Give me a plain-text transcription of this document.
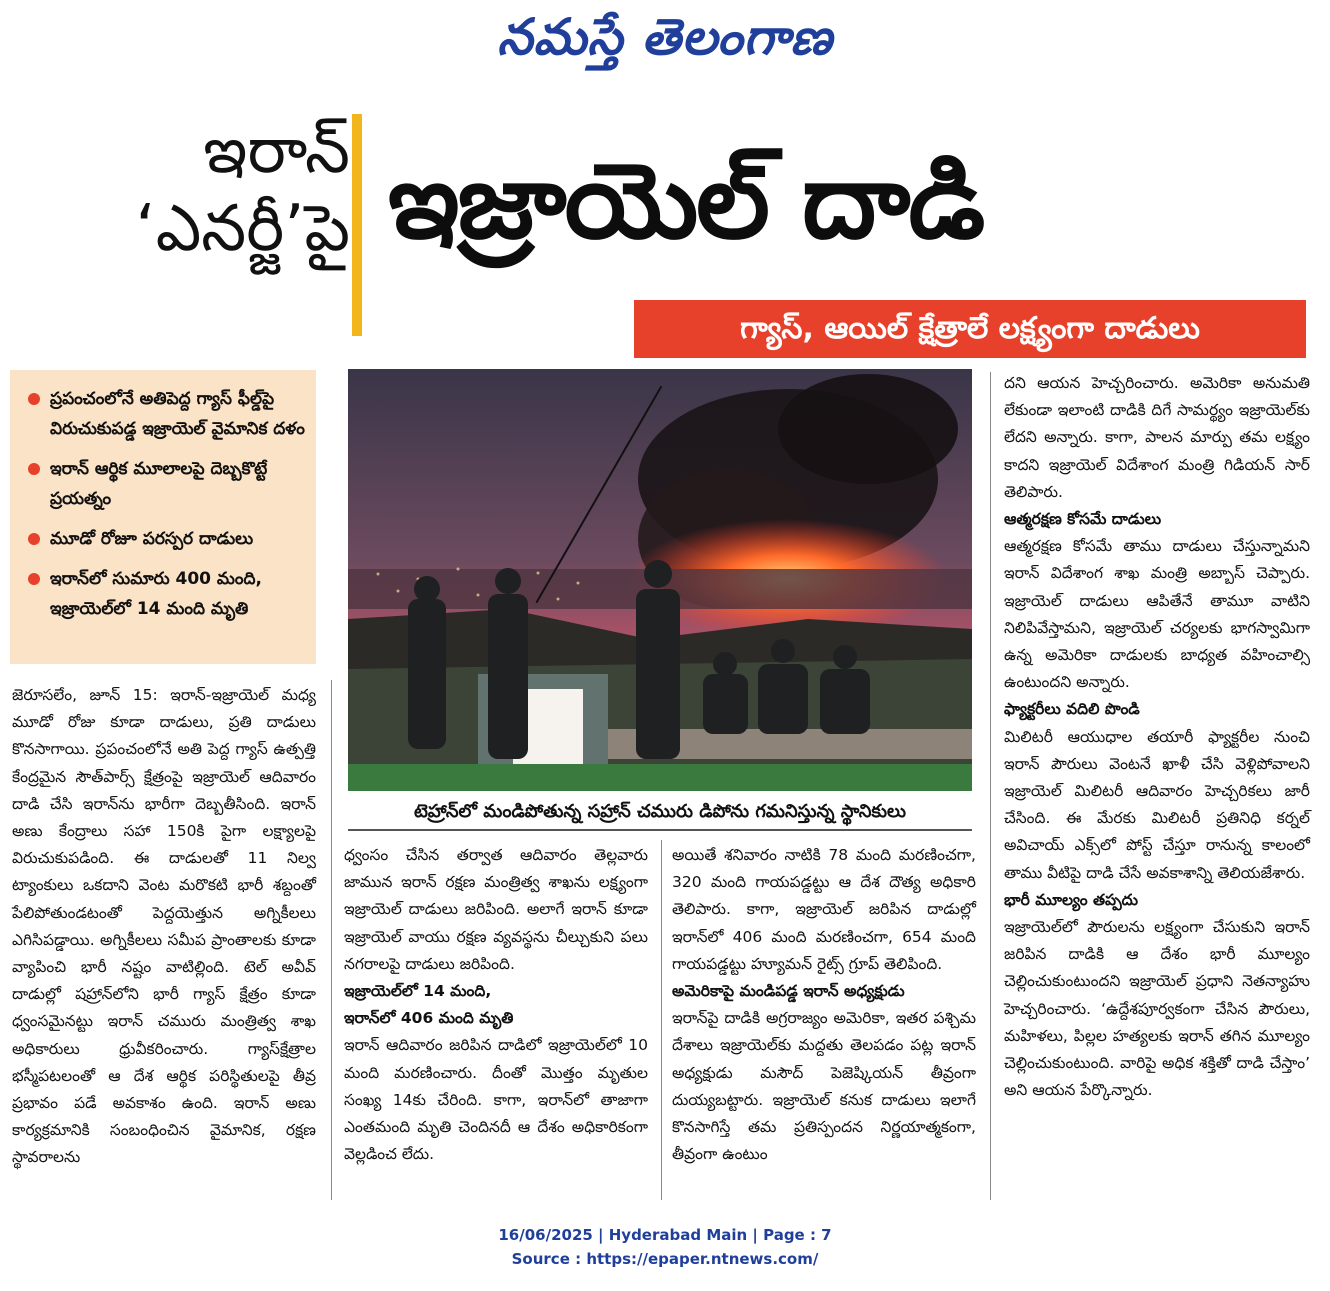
నమస్తే తెలంగాణ
ఇరాన్
‘ఎనర్జీ’పై ఇజ్రాయెల్ దాడి
గ్యాస్, ఆయిల్ క్షేత్రాలే లక్ష్యంగా దాడులు
ప్రపంచంలోనే అతిపెద్ద గ్యాస్ ఫీల్డ్‌పై విరుచుకుపడ్డ ఇజ్రాయెల్ వైమానిక దళం
ఇరాన్ ఆర్థిక మూలాలపై దెబ్బకొట్టే ప్రయత్నం
మూడో రోజూ పరస్పర దాడులు
ఇరాన్‌లో సుమారు 400 మంది, ఇజ్రాయెల్‌లో 14 మంది మృతి
టెహ్రాన్‌లో మండిపోతున్న సహ్రాన్ చమురు డిపోను గమనిస్తున్న స్థానికులు

జెరూసలేం, జూన్ 15: ఇరాన్-ఇజ్రాయెల్ మధ్య మూడో రోజు కూడా దాడులు, ప్రతి దాడులు కొనసాగాయి. ప్రపంచంలోనే అతి పెద్ద గ్యాస్ ఉత్పత్తి కేంద్రమైన సౌత్‌పార్స్ క్షేత్రంపై ఇజ్రాయెల్ ఆదివారం దాడి చేసి ఇరాన్‌ను భారీగా దెబ్బతీసింది. ఇరాన్ అణు కేంద్రాలు సహా 150కి పైగా లక్ష్యాలపై విరుచుకుపడింది. ఈ దాడులతో 11 నిల్వ ట్యాంకులు ఒకదాని వెంట మరొకటి భారీ శబ్దంతో పేలిపోతుండటంతో పెద్దయెత్తున అగ్నికీలలు ఎగిసిపడ్డాయి. అగ్నికీలలు సమీప ప్రాంతాలకు కూడా వ్యాపించి భారీ నష్టం వాటిల్లింది. టెల్ అవీవ్ దాడుల్లో షహ్రాన్‌లోని భారీ గ్యాస్ క్షేత్రం కూడా ధ్వంసమైనట్టు ఇరాన్ చమురు మంత్రిత్వ శాఖ అధికారులు ధ్రువీకరించారు. గ్యాస్‌క్షేత్రాల భస్మీపటలంతో ఆ దేశ ఆర్థిక పరిస్థితులపై తీవ్ర ప్రభావం పడే అవకాశం ఉంది. ఇరాన్ అణు కార్యక్రమానికి సంబంధించిన వైమానిక, రక్షణ స్థావరాలను

ధ్వంసం చేసిన తర్వాత ఆదివారం తెల్లవారు జామున ఇరాన్ రక్షణ మంత్రిత్వ శాఖను లక్ష్యంగా ఇజ్రాయెల్ దాడులు జరిపింది. అలాగే ఇరాన్ కూడా ఇజ్రాయెల్ వాయు రక్షణ వ్యవస్థను చీల్చుకుని పలు నగరాలపై దాడులు జరిపింది.

ఇజ్రాయెల్‌లో 14 మంది,
ఇరాన్‌లో 406 మంది మృతి

ఇరాన్ ఆదివారం జరిపిన దాడిలో ఇజ్రాయెల్‌లో 10 మంది మరణించారు. దీంతో మొత్తం మృతుల సంఖ్య 14కు చేరింది. కాగా, ఇరాన్‌లో తాజాగా ఎంతమంది మృతి చెందినదీ ఆ దేశం అధికారికంగా వెల్లడించ లేదు.

అయితే శనివారం నాటికి 78 మంది మరణించగా, 320 మంది గాయపడ్డట్టు ఆ దేశ దౌత్య అధికారి తెలిపారు. కాగా, ఇజ్రాయెల్ జరిపిన దాడుల్లో ఇరాన్‌లో 406 మంది మరణించగా, 654 మంది గాయపడ్డట్టు హ్యూమన్ రైట్స్ గ్రూప్ తెలిపింది.

అమెరికాపై మండిపడ్డ ఇరాన్ అధ్యక్షుడు

ఇరాన్‌పై దాడికి అగ్రరాజ్యం అమెరికా, ఇతర పశ్చిమ దేశాలు ఇజ్రాయెల్‌కు మద్దతు తెలపడం పట్ల ఇరాన్ అధ్యక్షుడు మసౌద్ పెజెష్కియన్ తీవ్రంగా దుయ్యబట్టారు. ఇజ్రాయెల్ కనుక దాడులు ఇలాగే కొనసాగిస్తే తమ ప్రతిస్పందన నిర్ణయాత్మకంగా, తీవ్రంగా ఉంటుం

దని ఆయన హెచ్చరించారు. అమెరికా అనుమతి లేకుండా ఇలాంటి దాడికి దిగే సామర్థ్యం ఇజ్రాయెల్‌కు లేదని అన్నారు. కాగా, పాలన మార్పు తమ లక్ష్యం కాదని ఇజ్రాయెల్ విదేశాంగ మంత్రి గిడియన్ సార్ తెలిపారు.

ఆత్మరక్షణ కోసమే దాడులు

ఆత్మరక్షణ కోసమే తాము దాడులు చేస్తున్నామని ఇరాన్ విదేశాంగ శాఖ మంత్రి అబ్బాస్ చెప్పారు. ఇజ్రాయెల్ దాడులు ఆపితేనే తామూ వాటిని నిలిపివేస్తామని, ఇజ్రాయెల్ చర్యలకు భాగస్వామిగా ఉన్న అమెరికా దాడులకు బాధ్యత వహించాల్సి ఉంటుందని అన్నారు.

ఫ్యాక్టరీలు వదిలి పొండి

మిలిటరీ ఆయుధాల తయారీ ఫ్యాక్టరీల నుంచి ఇరాన్ పౌరులు వెంటనే ఖాళీ చేసి వెళ్లిపోవాలని ఇజ్రాయెల్ మిలిటరీ ఆదివారం హెచ్చరికలు జారీ చేసింది. ఈ మేరకు మిలిటరీ ప్రతినిధి కర్నల్ అవిచాయ్ ఎక్స్‌లో పోస్ట్ చేస్తూ రానున్న కాలంలో తాము వీటిపై దాడి చేసే అవకాశాన్ని తెలియజేశారు.

భారీ మూల్యం తప్పదు

ఇజ్రాయెల్‌లో పౌరులను లక్ష్యంగా చేసుకుని ఇరాన్ జరిపిన దాడికి ఆ దేశం భారీ మూల్యం చెల్లించుకుంటుందని ఇజ్రాయెల్ ప్రధాని నెతన్యాహు హెచ్చరించారు. ‘ఉద్దేశపూర్వకంగా చేసిన పౌరులు, మహిళలు, పిల్లల హత్యలకు ఇరాన్ తగిన మూల్యం చెల్లించుకుంటుంది. వారిపై అధిక శక్తితో దాడి చేస్తాం’ అని ఆయన పేర్కొన్నారు.

16/06/2025 | Hyderabad Main | Page : 7
Source : https://epaper.ntnews.com/
